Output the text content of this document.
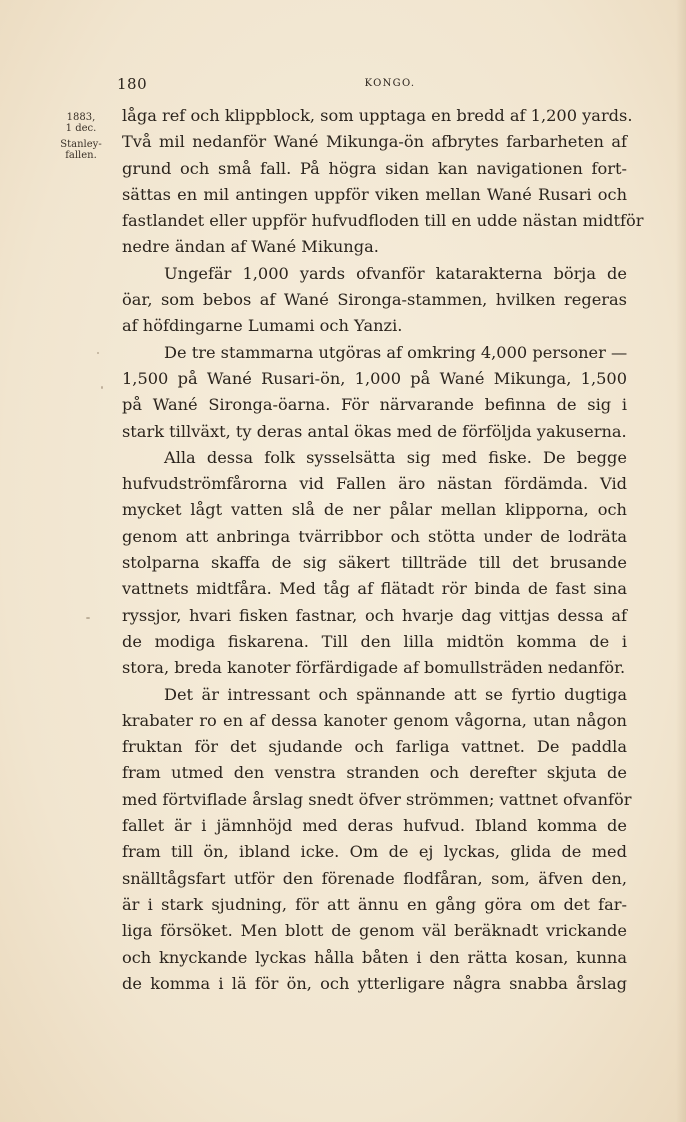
180	KONGO.
1883,
1 dec.
Stanley-
fallen.
låga ref och klippblock, som upptaga en bredd af 1,200 yards.
Två mil nedanför Wané Mikunga-ön afbrytes farbarheten af
grund och små fall. På högra sidan kan navigationen fort-
sättas en mil antingen uppför viken mellan Wané Rusari och
fastlandet eller uppför hufvudfloden till en udde nästan midtför
nedre ändan af Wané Mikunga.
Ungefär 1,000 yards ofvanför katarakterna börja de
öar, som bebos af Wané Sironga-stammen, hvilken regeras
af höfdingarne Lumami och Yanzi.
De tre stammarna utgöras af omkring 4,000 personer —
1,500 på Wané Rusari-ön, 1,000 på Wané Mikunga, 1,500
på Wané Sironga-öarna. För närvarande befinna de sig i
stark tillväxt, ty deras antal ökas med de förföljda yakuserna.
Alla dessa folk sysselsätta sig med fiske. De begge
hufvudströmfårorna vid Fallen äro nästan fördämda. Vid
mycket lågt vatten slå de ner pålar mellan klipporna, och
genom att anbringa tvärribbor och stötta under de lodräta
stolparna skaffa de sig säkert tillträde till det brusande
vattnets midtfåra. Med tåg af flätadt rör binda de fast sina
ryssjor, hvari fisken fastnar, och hvarje dag vittjas dessa af
de modiga fiskarena. Till den lilla midtön komma de i
stora, breda kanoter förfärdigade af bomullsträden nedanför.
Det är intressant och spännande att se fyrtio dugtiga
krabater ro en af dessa kanoter genom vågorna, utan någon
fruktan för det sjudande och farliga vattnet. De paddla
fram utmed den venstra stranden och derefter skjuta de
med förtviflade årslag snedt öfver strömmen; vattnet ofvanför
fallet är i jämnhöjd med deras hufvud. Ibland komma de
fram till ön, ibland icke. Om de ej lyckas, glida de med
snälltågsfart utför den förenade flodfåran, som, äfven den,
är i stark sjudning, för att ännu en gång göra om det far-
liga försöket. Men blott de genom väl beräknadt vrickande
och knyckande lyckas hålla båten i den rätta kosan, kunna
de komma i lä för ön, och ytterligare några snabba årslag
